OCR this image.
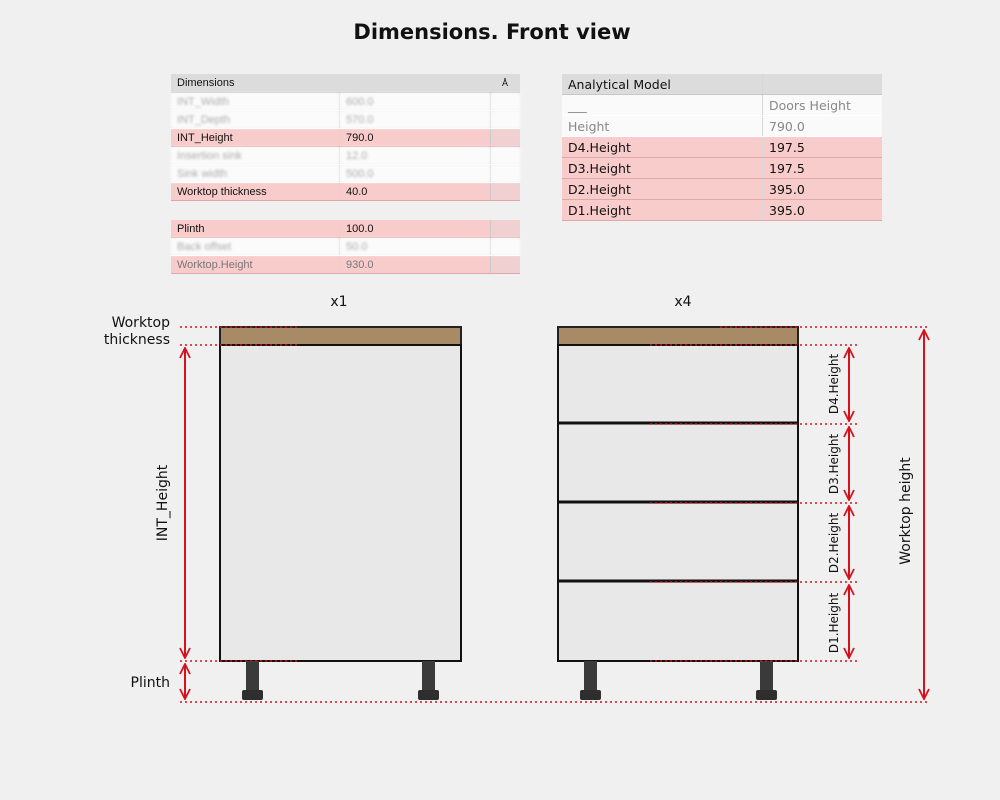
Dimensions. Front view
Dimensions		Å
INT_Width	600.0	
INT_Depth	570.0	
INT_Height	790.0	
Insertion sink	12.0	
Sink width	500.0	
Worktop thickness	40.0	

Plinth	100.0	
Back offset	50.0	
Worktop.Height	930.0	
Analytical Model	
___	Doors Height
Height	790.0
D4.Height	197.5
D3.Height	197.5
D2.Height	395.0
D1.Height	395.0
x1	x4
Worktop
thickness
Plinth
INT_Height	Worktop height
D4.Height
D3.Height
D2.Height
D1.Height
